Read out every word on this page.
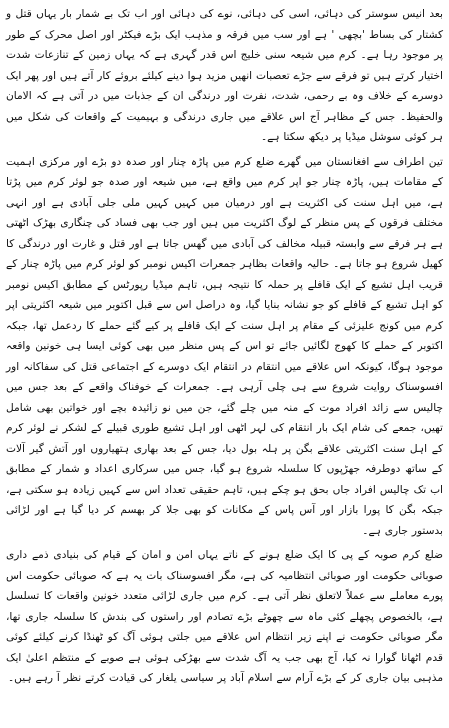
بعد انیس سوستر کی دہائی، اسی کی دہائی، نوے کی دہائی اور اب تک بے شمار بار یہاں قتل و کشتار کی بساط 'بچھی ' ہے اور سب میں فرقہ و مذہب ایک بڑے فیکٹر اور اصل محرک کے طور پر موجود رہا ہے۔ کرم میں شیعہ سنی خلیج اس قدر گہری ہے کہ یہاں زمین کے تنازعات شدت اختیار کرتے ہیں تو فرقے سے جڑے تعصبات انھیں مزید ہوا دینے کیلئے بروئے کار آتے ہیں اور پھر ایک دوسرے کے خلاف وہ بے رحمی، شدت، نفرت اور درندگی ان کے جذبات میں در آتی ہے کہ الامان والحفیظ۔ جس کے مظاہر آج اس علاقے میں جاری درندگی و بہیمیت کے واقعات کی شکل میں ہر کوئی سوشل میڈیا پر دیکھ سکتا ہے۔

تین اطراف سے افغانستان میں گھرے ضلع کرم میں پاڑہ چنار اور صدہ دو بڑے اور مرکزی اہمیت کے مقامات ہیں، پاڑہ چنار جو اپر کرم میں واقع ہے، میں شیعہ اور صدہ جو لوئر کرم میں پڑتا ہے، میں اہل سنت کی اکثریت ہے اور درمیان میں کہیں کہیں ملی جلی آبادی ہے اور انہی مختلف فرقوں کے پس منظر کے لوگ اکثریت میں ہیں اور جب بھی فساد کی چنگاری بھڑک اٹھتی ہے ہر فرقے سے وابستہ قبیلہ مخالف کی آبادی میں گھس جاتا ہے اور قتل و غارت اور درندگی کا کھیل شروع ہو جاتا ہے۔ حالیہ واقعات بظاہر جمعرات اکیس نومبر کو لوئر کرم میں پاڑہ چنار کے قریب اہل تشیع کے ایک قافلے پر حملہ کا نتیجہ ہیں، تاہم میڈیا رپورٹس کے مطابق اکیس نومبر کو اہل تشیع کے قافلے کو جو نشانہ بنایا گیا، وہ دراصل اس سے قبل اکتوبر میں شیعہ اکثریتی اپر کرم میں کونج علیزئی کے مقام پر اہل سنت کے ایک قافلے پر کیے گئے حملے کا ردعمل تھا، جبکہ اکتوبر کے حملے کا کھوج لگائیں جائے تو اس کے پس منظر میں بھی کوئی ایسا ہی خونین واقعہ موجود ہوگا، کیونکہ اس علاقے میں انتقام در انتقام ایک دوسرے کے اجتماعی قتل کی سفاکانہ اور افسوسناک روایت شروع سے ہی چلی آرہی ہے۔ جمعرات کے خوفناک واقعے کے بعد جس میں چالیس سے زائد افراد موت کے منہ میں چلے گئے، جن میں نو زائیدہ بچے اور خواتین بھی شامل تھیں، جمعے کی شام ایک بار انتقام کی لہر اٹھی اور اہل تشیع طوری قبیلے کے لشکر نے لوئر کرم کے اہل سنت اکثریتی علاقے بگن پر ہلہ بول دیا، جس کے بعد بھاری ہتھیاروں اور آتش گیر آلات کے ساتھ دوطرفہ جھڑپوں کا سلسلہ شروع ہو گیا، جس میں سرکاری اعداد و شمار کے مطابق اب تک چالیس افراد جاں بحق ہو چکے ہیں، تاہم حقیقی تعداد اس سے کہیں زیادہ ہو سکتی ہے، جبکہ بگن کا پورا بازار اور آس پاس کے مکانات کو بھی جلا کر بھسم کر دیا گیا ہے اور لڑائی بدستور جاری ہے۔

ضلع کرم صوبہ کے پی کا ایک ضلع ہونے کے ناتے یہاں امن و امان کے قیام کی بنیادی ذمے داری صوبائی حکومت اور صوبائی انتظامیہ کی ہے، مگر افسوسناک بات یہ ہے کہ صوبائی حکومت اس پورے معاملے سے عملاً لاتعلق نظر آتی ہے۔ کرم میں جاری لڑائی متعدد خونین واقعات کا تسلسل ہے، بالخصوص پچھلے کئی ماہ سے چھوٹے بڑے تصادم اور راستوں کی بندش کا سلسلہ جاری تھا، مگر صوبائی حکومت نے اپنے زیر انتظام اس علاقے میں جلتی ہوئی آگ کو ٹھنڈا کرنے کیلئے کوئی قدم اٹھانا گوارا نہ کیا، آج بھی جب یہ آگ شدت سے بھڑکی ہوئی ہے صوبے کے منتظم اعلیٰ ایک مذہبی بیان جاری کر کے بڑے آرام سے اسلام آباد پر سیاسی یلغار کی قیادت کرتے نظر آ رہے ہیں۔
